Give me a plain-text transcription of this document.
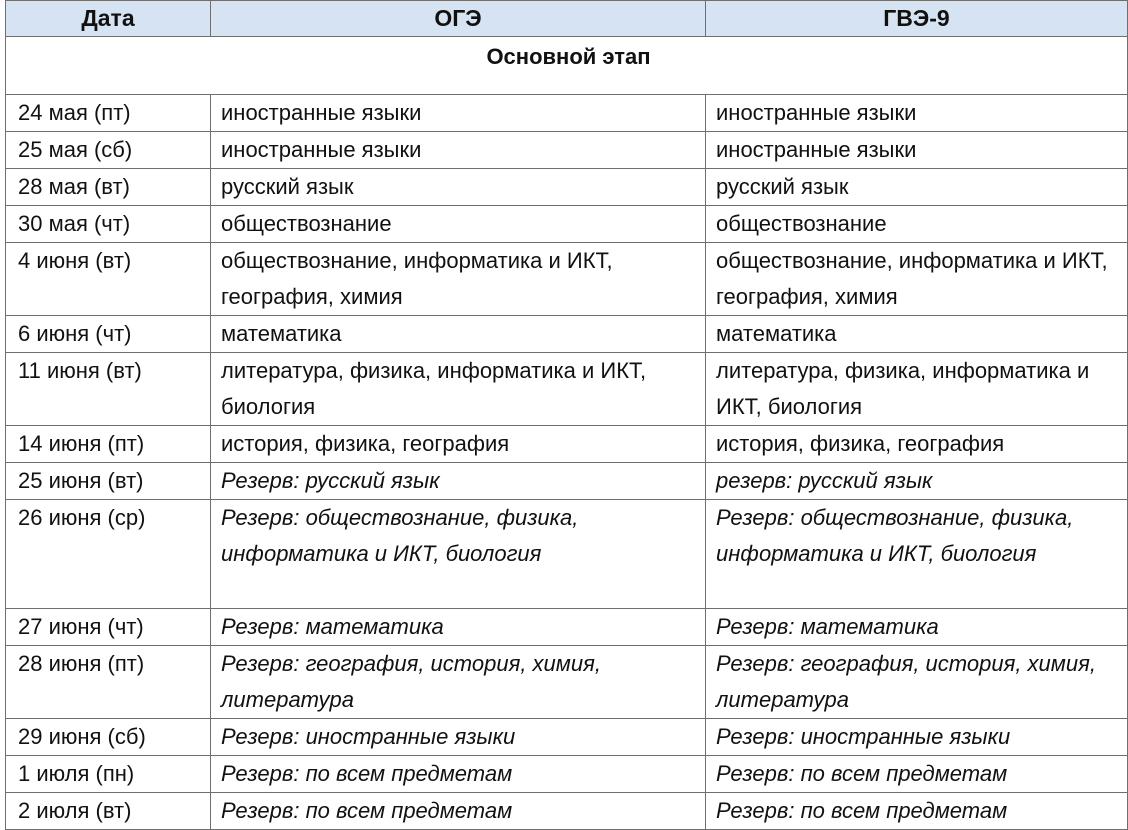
Дата	ОГЭ	ГВЭ-9
Основной этап		
24 мая (пт)	иностранные языки	иностранные языки
25 мая (сб)	иностранные языки	иностранные языки
28 мая (вт)	русский язык	русский язык
30 мая (чт)	обществознание	обществознание
4 июня (вт)	обществознание, информатика и ИКТ, география, химия	обществознание, информатика и ИКТ, география, химия
6 июня (чт)	математика	математика
11 июня (вт)	литература, физика, информатика и ИКТ, биология	литература, физика, информатика и ИКТ, биология
14 июня (пт)	история, физика, география	история, физика, география
25 июня (вт)	Резерв: русский язык	резерв: русский язык
26 июня (ср)	Резерв: обществознание, физика, информатика и ИКТ, биология	Резерв: обществознание, физика, информатика и ИКТ, биология
27 июня (чт)	Резерв: математика	Резерв: математика
28 июня (пт)	Резерв: география, история, химия, литература	Резерв: география, история, химия, литература
29 июня (сб)	Резерв: иностранные языки	Резерв: иностранные языки
1 июля (пн)	Резерв: по всем предметам	Резерв: по всем предметам
2 июля (вт)	Резерв: по всем предметам	Резерв: по всем предметам
